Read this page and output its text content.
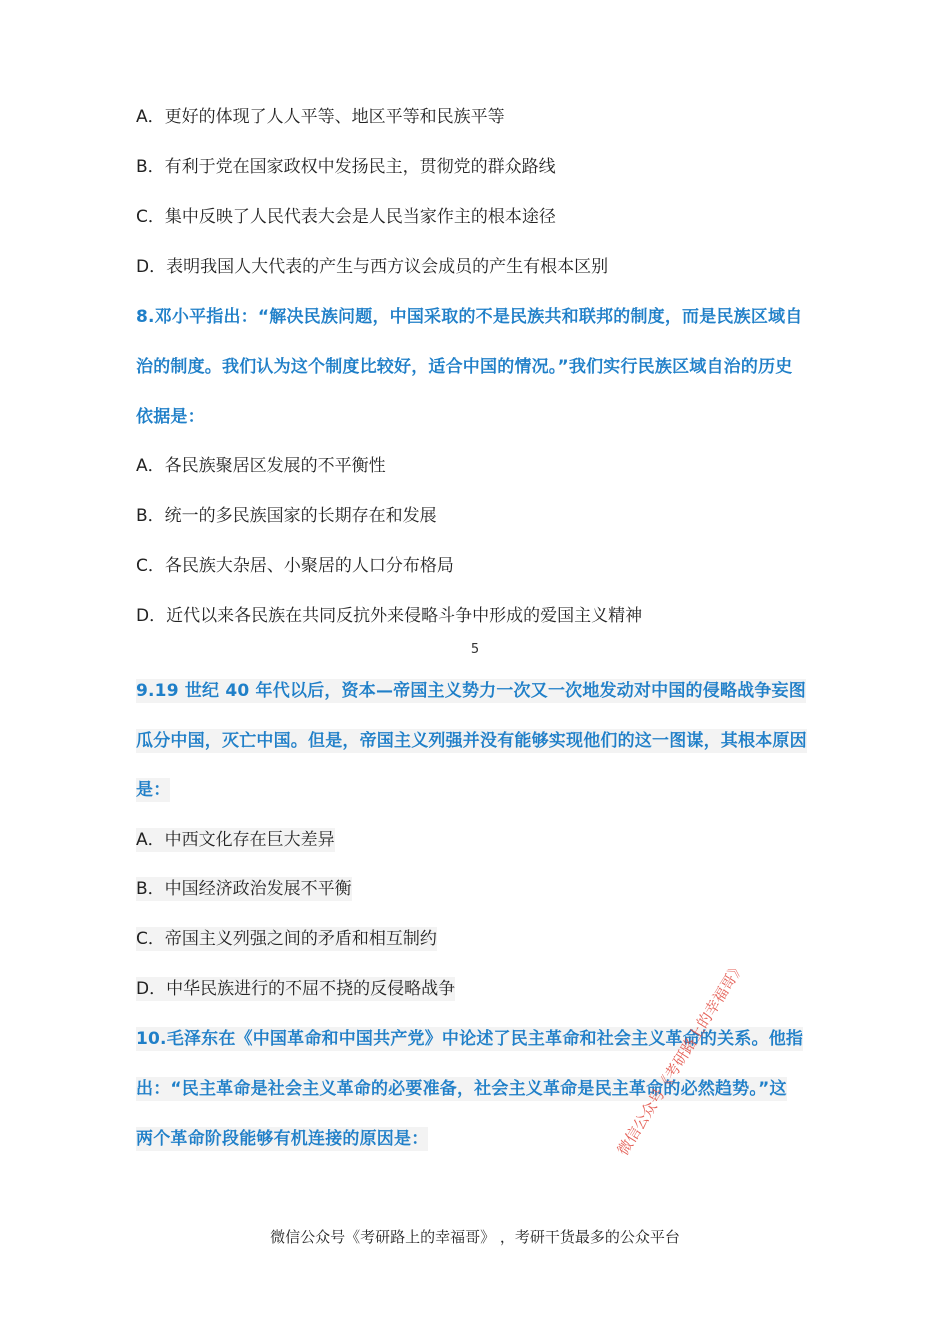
A．更好的体现了人人平等、地区平等和民族平等
B．有利于党在国家政权中发扬民主，贯彻党的群众路线
C．集中反映了人民代表大会是人民当家作主的根本途径
D．表明我国人大代表的产生与西方议会成员的产生有根本区别
8.邓小平指出：“解决民族问题，中国采取的不是民族共和联邦的制度，而是民族区域自
治的制度。我们认为这个制度比较好，适合中国的情况。”我们实行民族区域自治的历史
依据是：
A．各民族聚居区发展的不平衡性
B．统一的多民族国家的长期存在和发展
C．各民族大杂居、小聚居的人口分布格局
D．近代以来各民族在共同反抗外来侵略斗争中形成的爱国主义精神
5
9.19 世纪 40 年代以后，资本—帝国主义势力一次又一次地发动对中国的侵略战争妄图
瓜分中国，灭亡中国。但是，帝国主义列强并没有能够实现他们的这一图谋，其根本原因
是：
A．中西文化存在巨大差异
B．中国经济政治发展不平衡
C．帝国主义列强之间的矛盾和相互制约
D．中华民族进行的不屈不挠的反侵略战争
10.毛泽东在《中国革命和中国共产党》中论述了民主革命和社会主义革命的关系。他指
出：“民主革命是社会主义革命的必要准备，社会主义革命是民主革命的必然趋势。”这
两个革命阶段能够有机连接的原因是：	微信公众号《考研路上的幸福哥》
微信公众号《考研路上的幸福哥》 ，考研干货最多的公众平台
